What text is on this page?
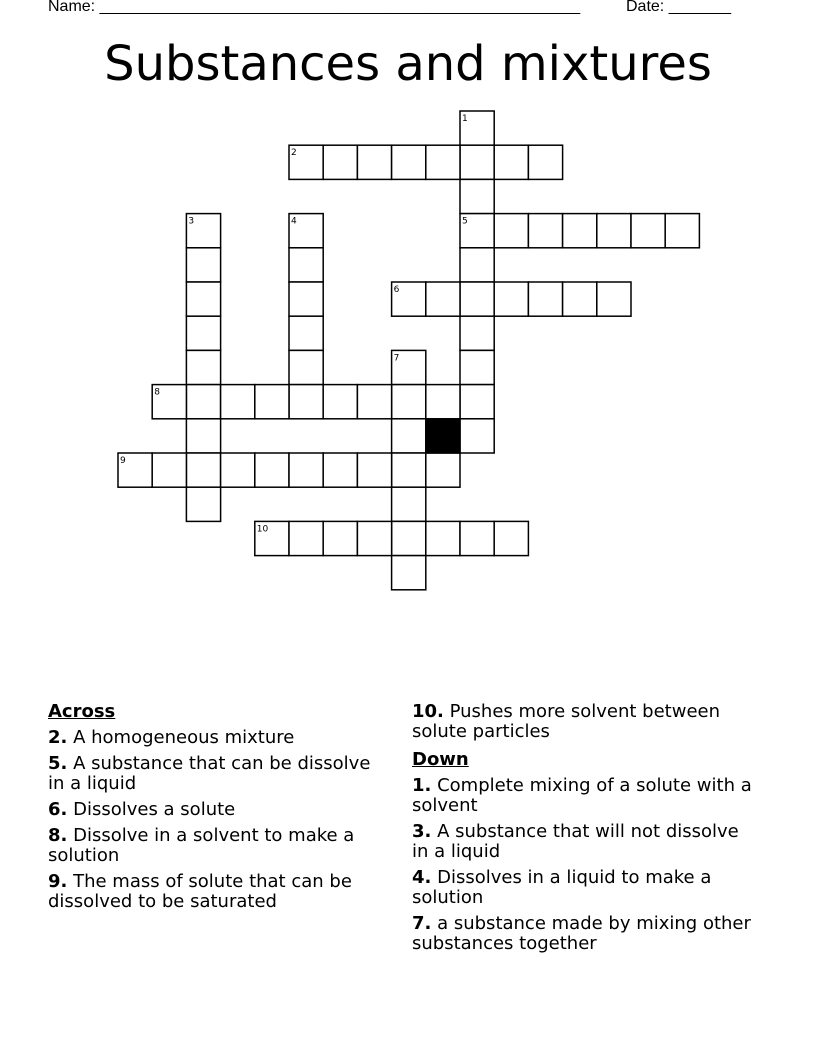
Name: ______________________________________________________	Date: _______
Substances and mixtures
1
2
3	4	5
6
7
8
9
10
Across
2. A homogeneous mixture
5. A substance that can be dissolve in a liquid
6. Dissolves a solute
8. Dissolve in a solvent to make a solution
9. The mass of solute that can be dissolved to be saturated
10. Pushes more solvent between solute particles
Down
1. Complete mixing of a solute with a solvent
3. A substance that will not dissolve in a liquid
4. Dissolves in a liquid to make a solution
7. a substance made by mixing other substances together
